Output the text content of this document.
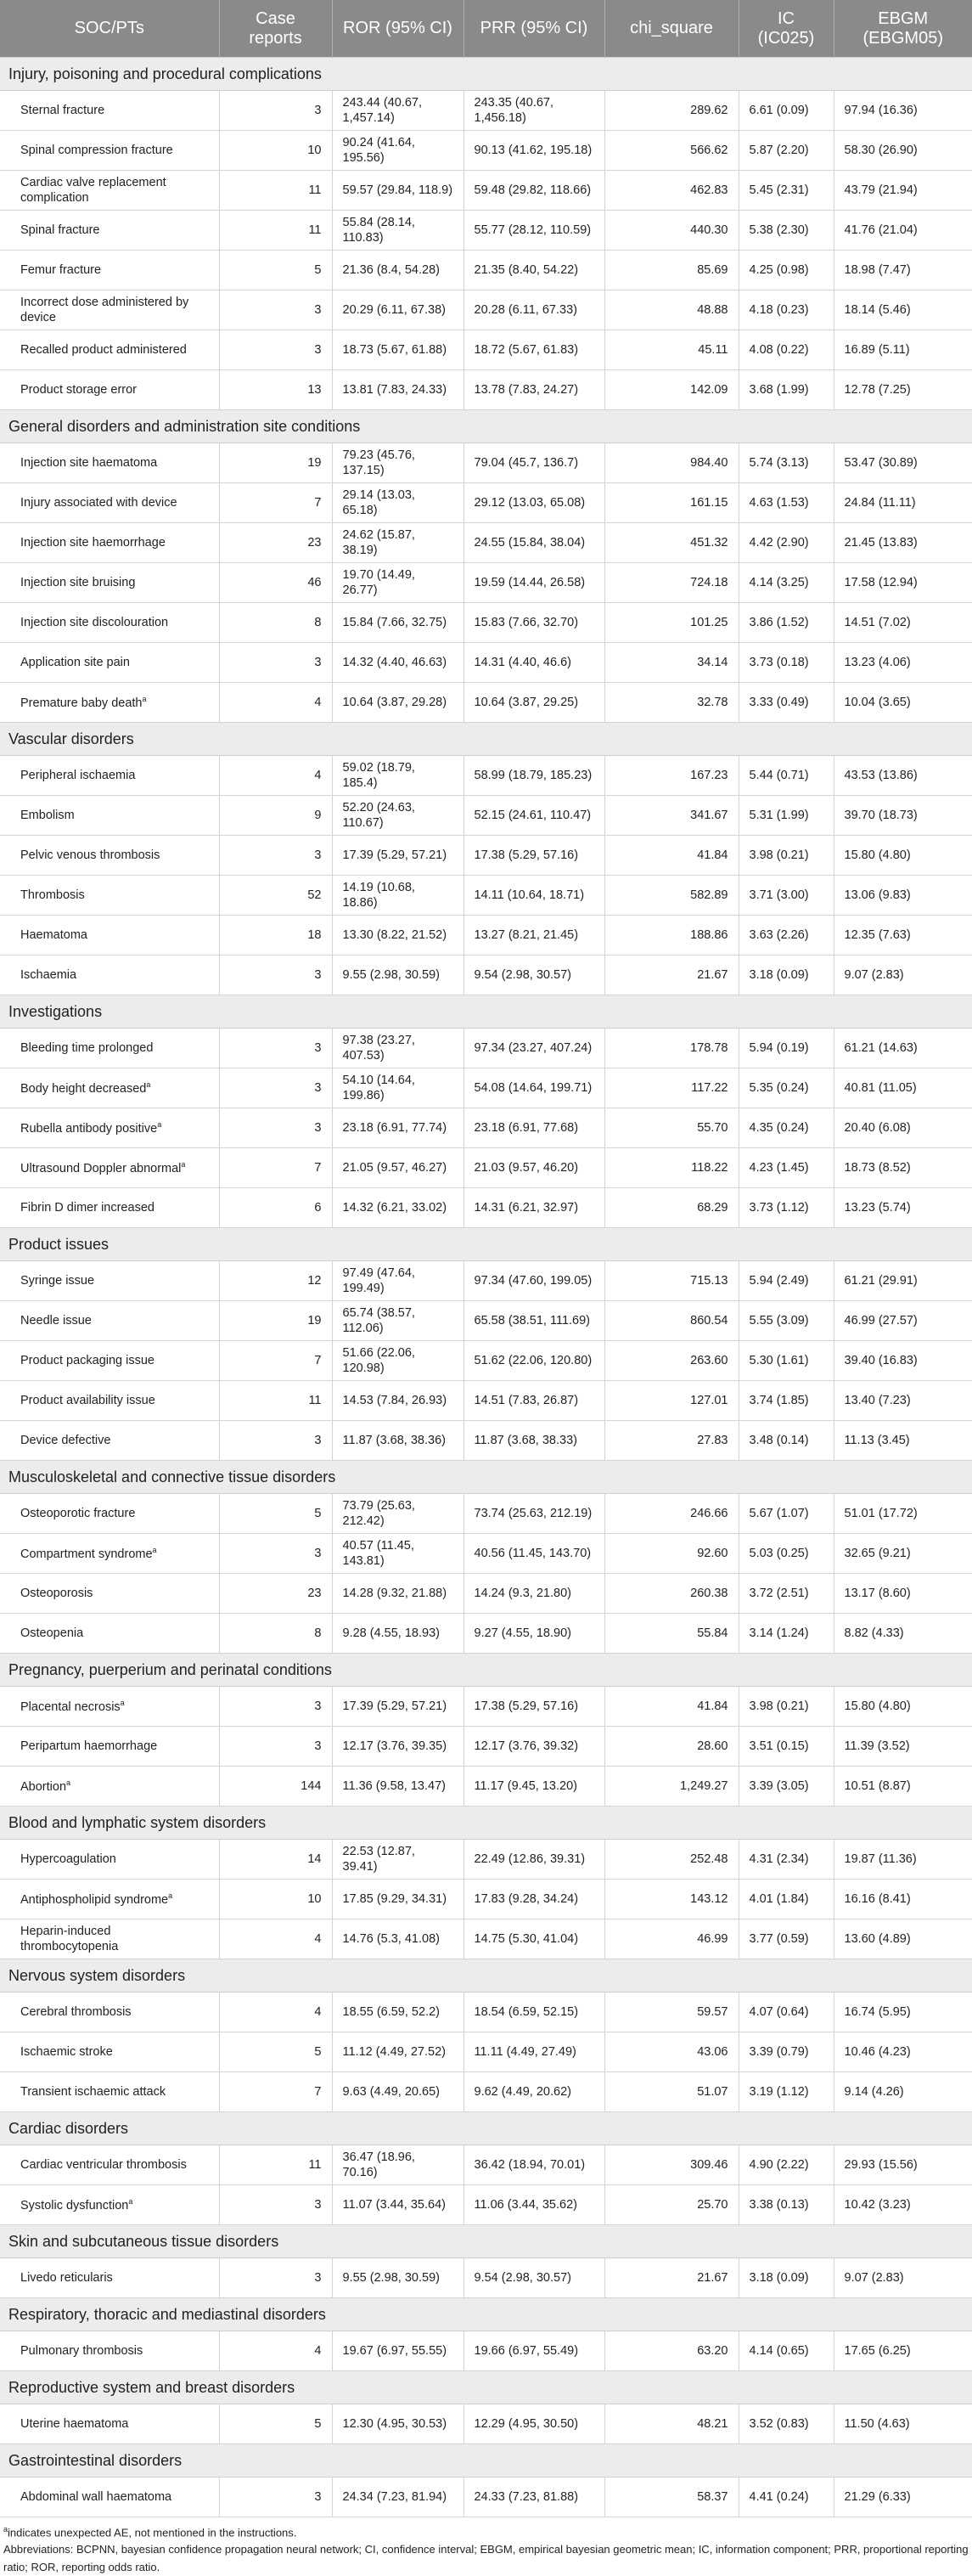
SOC/PTs	Case reports	ROR (95% CI)	PRR (95% CI)	chi_square	IC (IC025)	EBGM (EBGM05)
Injury, poisoning and procedural complications						
Sternal fracture	3	243.44 (40.67, 1,457.14)	243.35 (40.67, 1,456.18)	289.62	6.61 (0.09)	97.94 (16.36)
Spinal compression fracture	10	90.24 (41.64, 195.56)	90.13 (41.62, 195.18)	566.62	5.87 (2.20)	58.30 (26.90)
Cardiac valve replacement complication	11	59.57 (29.84, 118.9)	59.48 (29.82, 118.66)	462.83	5.45 (2.31)	43.79 (21.94)
Spinal fracture	11	55.84 (28.14, 110.83)	55.77 (28.12, 110.59)	440.30	5.38 (2.30)	41.76 (21.04)
Femur fracture	5	21.36 (8.4, 54.28)	21.35 (8.40, 54.22)	85.69	4.25 (0.98)	18.98 (7.47)
Incorrect dose administered by device	3	20.29 (6.11, 67.38)	20.28 (6.11, 67.33)	48.88	4.18 (0.23)	18.14 (5.46)
Recalled product administered	3	18.73 (5.67, 61.88)	18.72 (5.67, 61.83)	45.11	4.08 (0.22)	16.89 (5.11)
Product storage error	13	13.81 (7.83, 24.33)	13.78 (7.83, 24.27)	142.09	3.68 (1.99)	12.78 (7.25)
General disorders and administration site conditions						
Injection site haematoma	19	79.23 (45.76, 137.15)	79.04 (45.7, 136.7)	984.40	5.74 (3.13)	53.47 (30.89)
Injury associated with device	7	29.14 (13.03, 65.18)	29.12 (13.03, 65.08)	161.15	4.63 (1.53)	24.84 (11.11)
Injection site haemorrhage	23	24.62 (15.87, 38.19)	24.55 (15.84, 38.04)	451.32	4.42 (2.90)	21.45 (13.83)
Injection site bruising	46	19.70 (14.49, 26.77)	19.59 (14.44, 26.58)	724.18	4.14 (3.25)	17.58 (12.94)
Injection site discolouration	8	15.84 (7.66, 32.75)	15.83 (7.66, 32.70)	101.25	3.86 (1.52)	14.51 (7.02)
Application site pain	3	14.32 (4.40, 46.63)	14.31 (4.40, 46.6)	34.14	3.73 (0.18)	13.23 (4.06)
Premature baby death$^a$	4	10.64 (3.87, 29.28)	10.64 (3.87, 29.25)	32.78	3.33 (0.49)	10.04 (3.65)
Vascular disorders						
Peripheral ischaemia	4	59.02 (18.79, 185.4)	58.99 (18.79, 185.23)	167.23	5.44 (0.71)	43.53 (13.86)
Embolism	9	52.20 (24.63, 110.67)	52.15 (24.61, 110.47)	341.67	5.31 (1.99)	39.70 (18.73)
Pelvic venous thrombosis	3	17.39 (5.29, 57.21)	17.38 (5.29, 57.16)	41.84	3.98 (0.21)	15.80 (4.80)
Thrombosis	52	14.19 (10.68, 18.86)	14.11 (10.64, 18.71)	582.89	3.71 (3.00)	13.06 (9.83)
Haematoma	18	13.30 (8.22, 21.52)	13.27 (8.21, 21.45)	188.86	3.63 (2.26)	12.35 (7.63)
Ischaemia	3	9.55 (2.98, 30.59)	9.54 (2.98, 30.57)	21.67	3.18 (0.09)	9.07 (2.83)
Investigations						
Bleeding time prolonged	3	97.38 (23.27, 407.53)	97.34 (23.27, 407.24)	178.78	5.94 (0.19)	61.21 (14.63)
Body height decreased$^a$	3	54.10 (14.64, 199.86)	54.08 (14.64, 199.71)	117.22	5.35 (0.24)	40.81 (11.05)
Rubella antibody positive$^a$	3	23.18 (6.91, 77.74)	23.18 (6.91, 77.68)	55.70	4.35 (0.24)	20.40 (6.08)
Ultrasound Doppler abnormal$^a$	7	21.05 (9.57, 46.27)	21.03 (9.57, 46.20)	118.22	4.23 (1.45)	18.73 (8.52)
Fibrin D dimer increased	6	14.32 (6.21, 33.02)	14.31 (6.21, 32.97)	68.29	3.73 (1.12)	13.23 (5.74)
Product issues						
Syringe issue	12	97.49 (47.64, 199.49)	97.34 (47.60, 199.05)	715.13	5.94 (2.49)	61.21 (29.91)
Needle issue	19	65.74 (38.57, 112.06)	65.58 (38.51, 111.69)	860.54	5.55 (3.09)	46.99 (27.57)
Product packaging issue	7	51.66 (22.06, 120.98)	51.62 (22.06, 120.80)	263.60	5.30 (1.61)	39.40 (16.83)
Product availability issue	11	14.53 (7.84, 26.93)	14.51 (7.83, 26.87)	127.01	3.74 (1.85)	13.40 (7.23)
Device defective	3	11.87 (3.68, 38.36)	11.87 (3.68, 38.33)	27.83	3.48 (0.14)	11.13 (3.45)
Musculoskeletal and connective tissue disorders						
Osteoporotic fracture	5	73.79 (25.63, 212.42)	73.74 (25.63, 212.19)	246.66	5.67 (1.07)	51.01 (17.72)
Compartment syndrome$^a$	3	40.57 (11.45, 143.81)	40.56 (11.45, 143.70)	92.60	5.03 (0.25)	32.65 (9.21)
Osteoporosis	23	14.28 (9.32, 21.88)	14.24 (9.3, 21.80)	260.38	3.72 (2.51)	13.17 (8.60)
Osteopenia	8	9.28 (4.55, 18.93)	9.27 (4.55, 18.90)	55.84	3.14 (1.24)	8.82 (4.33)
Pregnancy, puerperium and perinatal conditions						
Placental necrosis$^a$	3	17.39 (5.29, 57.21)	17.38 (5.29, 57.16)	41.84	3.98 (0.21)	15.80 (4.80)
Peripartum haemorrhage	3	12.17 (3.76, 39.35)	12.17 (3.76, 39.32)	28.60	3.51 (0.15)	11.39 (3.52)
Abortion$^a$	144	11.36 (9.58, 13.47)	11.17 (9.45, 13.20)	1,249.27	3.39 (3.05)	10.51 (8.87)
Blood and lymphatic system disorders						
Hypercoagulation	14	22.53 (12.87, 39.41)	22.49 (12.86, 39.31)	252.48	4.31 (2.34)	19.87 (11.36)
Antiphospholipid syndrome$^a$	10	17.85 (9.29, 34.31)	17.83 (9.28, 34.24)	143.12	4.01 (1.84)	16.16 (8.41)
Heparin-induced thrombocytopenia	4	14.76 (5.3, 41.08)	14.75 (5.30, 41.04)	46.99	3.77 (0.59)	13.60 (4.89)
Nervous system disorders						
Cerebral thrombosis	4	18.55 (6.59, 52.2)	18.54 (6.59, 52.15)	59.57	4.07 (0.64)	16.74 (5.95)
Ischaemic stroke	5	11.12 (4.49, 27.52)	11.11 (4.49, 27.49)	43.06	3.39 (0.79)	10.46 (4.23)
Transient ischaemic attack	7	9.63 (4.49, 20.65)	9.62 (4.49, 20.62)	51.07	3.19 (1.12)	9.14 (4.26)
Cardiac disorders						
Cardiac ventricular thrombosis	11	36.47 (18.96, 70.16)	36.42 (18.94, 70.01)	309.46	4.90 (2.22)	29.93 (15.56)
Systolic dysfunction$^a$	3	11.07 (3.44, 35.64)	11.06 (3.44, 35.62)	25.70	3.38 (0.13)	10.42 (3.23)
Skin and subcutaneous tissue disorders						
Livedo reticularis	3	9.55 (2.98, 30.59)	9.54 (2.98, 30.57)	21.67	3.18 (0.09)	9.07 (2.83)
Respiratory, thoracic and mediastinal disorders						
Pulmonary thrombosis	4	19.67 (6.97, 55.55)	19.66 (6.97, 55.49)	63.20	4.14 (0.65)	17.65 (6.25)
Reproductive system and breast disorders						
Uterine haematoma	5	12.30 (4.95, 30.53)	12.29 (4.95, 30.50)	48.21	3.52 (0.83)	11.50 (4.63)
Gastrointestinal disorders						
Abdominal wall haematoma	3	24.34 (7.23, 81.94)	24.33 (7.23, 81.88)	58.37	4.41 (0.24)	21.29 (6.33)
$^a$indicates unexpected AE, not mentioned in the instructions.
Abbreviations: BCPNN, bayesian confidence propagation neural network; CI, confidence interval; EBGM, empirical bayesian geometric mean; IC, information component; PRR, proportional reporting ratio; ROR, reporting odds ratio.
